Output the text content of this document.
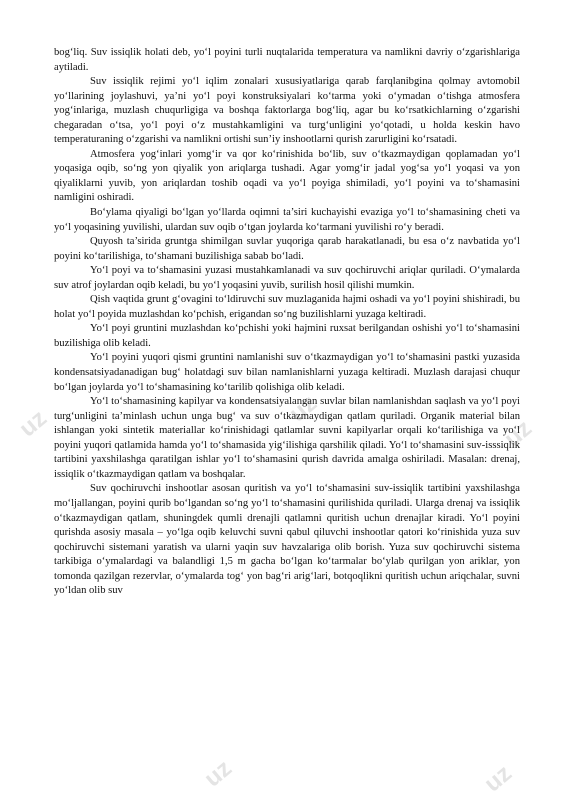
uz	uz
uz
uz	uz

bog‘liq. Suv issiqlik holati deb, yo‘l poyini turli nuqtalarida temperatura va namlikni davriy o‘zgarishlariga aytiladi.

Suv issiqlik rejimi yo‘l iqlim zonalari xususiyatlariga qarab farqlanibgina qolmay avtomobil yo‘llarining joylashuvi, ya’ni yo‘l poyi konstruksiyalari ko‘tarma yoki o‘ymadan o‘tishga atmosfera yog‘inlariga, muzlash chuqurligiga va boshqa faktorlarga bog‘liq, agar bu ko‘rsatkichlarning o‘zgarishi chegaradan o‘tsa, yo‘l poyi o‘z mustahkamligini va turg‘unligini yo‘qotadi, u holda keskin havo temperaturaning o‘zgarishi va namlikni ortishi sun’iy inshootlarni qurish zarurligini ko‘rsatadi.

Atmosfera yog‘inlari yomg‘ir va qor ko‘rinishida bo‘lib, suv o‘tkazmaydigan qoplamadan yo‘l yoqasiga oqib, so‘ng yon qiyalik yon ariqlarga tushadi. Agar yomg‘ir jadal yog‘sa yo‘l yoqasi va yon qiyaliklarni yuvib, yon ariqlardan toshib oqadi va yo‘l poyiga shimiladi, yo‘l poyini va to‘shamasini namligini oshiradi.

Bo‘ylama qiyaligi bo‘lgan yo‘llarda oqimni ta’siri kuchayishi evaziga yo‘l to‘shamasining cheti va yo‘l yoqasining yuvilishi, ulardan suv oqib o‘tgan joylarda ko‘tarmani yuvilishi ro‘y beradi.

Quyosh ta’sirida gruntga shimilgan suvlar yuqoriga qarab harakatlanadi, bu esa o‘z navbatida yo‘l poyini ko‘tarilishiga, to‘shamani buzilishiga sabab bo‘ladi.

Yo‘l poyi va to‘shamasini yuzasi mustahkamlanadi va suv qochiruvchi ariqlar quriladi. O‘ymalarda suv atrof joylardan oqib keladi, bu yo‘l yoqasini yuvib, surilish hosil qilishi mumkin.

Qish vaqtida grunt g‘ovagini to‘ldiruvchi suv muzlaganida hajmi oshadi va yo‘l poyini shishiradi, bu holat yo‘l poyida muzlashdan ko‘pchish, erigandan so‘ng buzilishlarni yuzaga keltiradi.

Yo‘l poyi gruntini muzlashdan ko‘pchishi yoki hajmini ruxsat berilgandan oshishi yo‘l to‘shamasini buzilishiga olib keladi.

Yo‘l poyini yuqori qismi gruntini namlanishi suv o‘tkazmaydigan yo‘l to‘shamasini pastki yuzasida kondensatsiyadanadigan bug‘ holatdagi suv bilan namlanishlarni yuzaga keltiradi. Muzlash darajasi chuqur bo‘lgan joylarda yo‘l to‘shamasining ko‘tarilib qolishiga olib keladi.

Yo‘l to‘shamasining kapilyar va kondensatsiyalangan suvlar bilan namlanishdan saqlash va yo‘l poyi turg‘unligini ta’minlash uchun unga bug‘ va suv o‘tkazmaydigan qatlam quriladi. Organik material bilan ishlangan yoki sintetik materiallar ko‘rinishidagi qatlamlar suvni kapilyarlar orqali ko‘tarilishiga va yo‘l poyini yuqori qatlamida hamda yo‘l to‘shamasida yig‘ilishiga qarshilik qiladi. Yo‘l to‘shamasini suv-isssiqlik tartibini yaxshilashga qaratilgan ishlar yo‘l to‘shamasini qurish davrida amalga oshiriladi. Masalan: drenaj, issiqlik o‘tkazmaydigan qatlam va boshqalar.

Suv qochiruvchi inshootlar asosan quritish va yo‘l to‘shamasini suv-issiqlik tartibini yaxshilashga mo‘ljallangan, poyini qurib bo‘lgandan so‘ng yo‘l to‘shamasini qurilishida quriladi. Ularga drenaj va issiqlik o‘tkazmaydigan qatlam, shuningdek qumli drenajli qatlamni quritish uchun drenajlar kiradi. Yo‘l poyini qurishda asosiy masala – yo‘lga oqib keluvchi suvni qabul qiluvchi inshootlar qatori ko‘rinishida yuza suv qochiruvchi sistemani yaratish va ularni yaqin suv havzalariga olib borish. Yuza suv qochiruvchi sistema tarkibiga o‘ymalardagi va balandligi 1,5 m gacha bo‘lgan ko‘tarmalar bo‘ylab qurilgan yon ariklar, yon tomonda qazilgan rezervlar, o‘ymalarda tog‘ yon bag‘ri arig‘lari, botqoqlikni quritish uchun ariqchalar, suvni yo‘ldan olib suv
